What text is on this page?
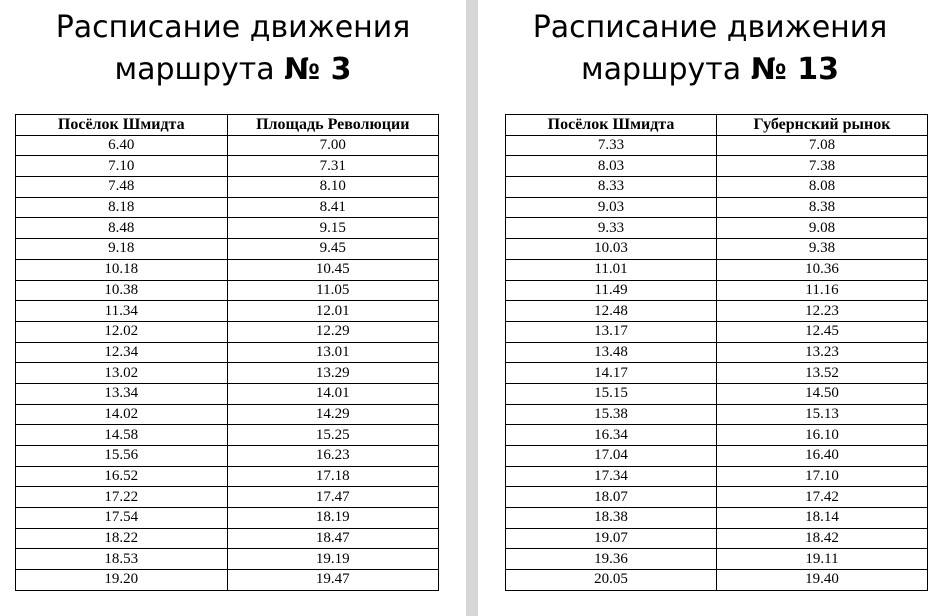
Расписание движения
маршрута № 3
Посёлок Шмидта	Площадь Революции
6.40	7.00
7.10	7.31
7.48	8.10
8.18	8.41
8.48	9.15
9.18	9.45
10.18	10.45
10.38	11.05
11.34	12.01
12.02	12.29
12.34	13.01
13.02	13.29
13.34	14.01
14.02	14.29
14.58	15.25
15.56	16.23
16.52	17.18
17.22	17.47
17.54	18.19
18.22	18.47
18.53	19.19
19.20	19.47
Расписание движения
маршрута № 13
Посёлок Шмидта	Губернский рынок
7.33	7.08
8.03	7.38
8.33	8.08
9.03	8.38
9.33	9.08
10.03	9.38
11.01	10.36
11.49	11.16
12.48	12.23
13.17	12.45
13.48	13.23
14.17	13.52
15.15	14.50
15.38	15.13
16.34	16.10
17.04	16.40
17.34	17.10
18.07	17.42
18.38	18.14
19.07	18.42
19.36	19.11
20.05	19.40
